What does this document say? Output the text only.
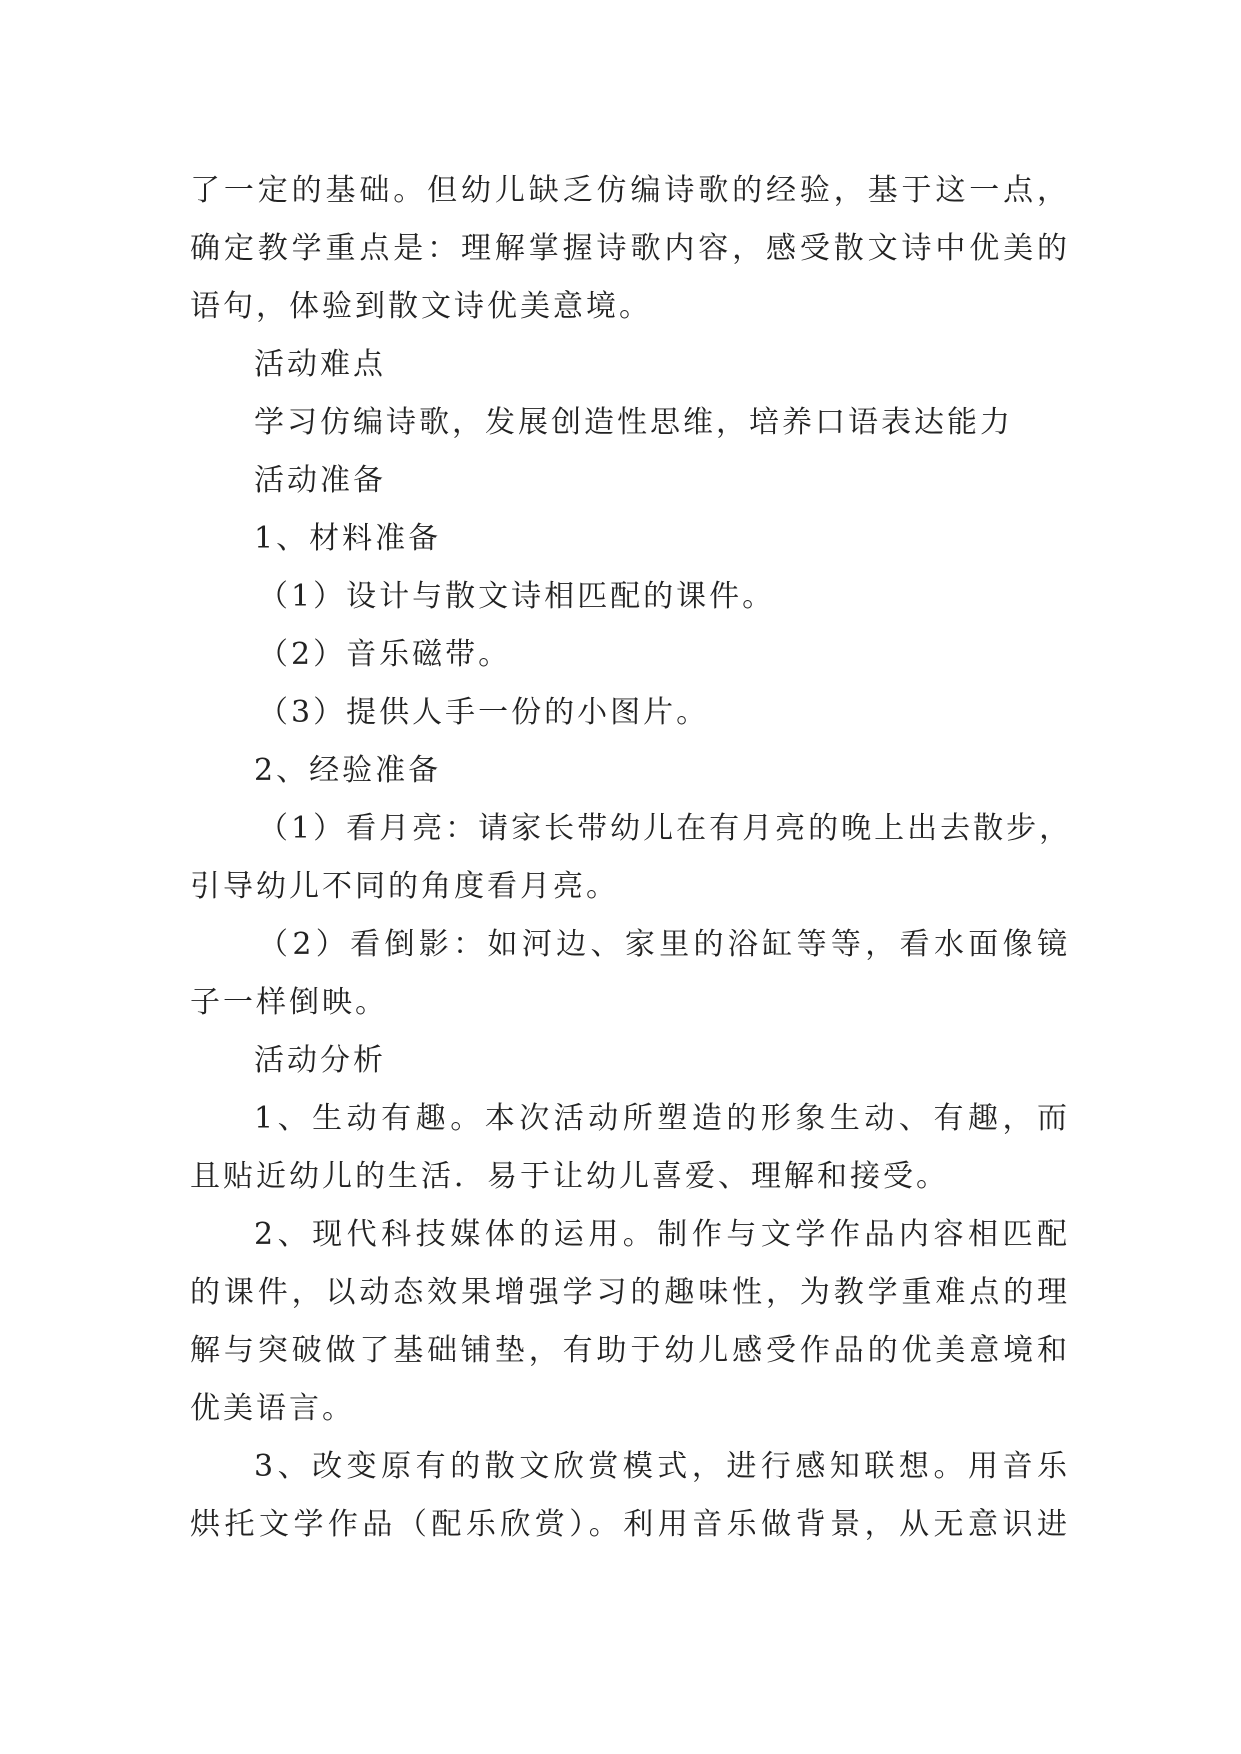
了一定的基础。但幼儿缺乏仿编诗歌的经验，基于这一点，
确定教学重点是：理解掌握诗歌内容，感受散文诗中优美的
语句，体验到散文诗优美意境。
活动难点
学习仿编诗歌，发展创造性思维，培养口语表达能力
活动准备
1、材料准备
（1）设计与散文诗相匹配的课件。
（2）音乐磁带。
（3）提供人手一份的小图片。
2、经验准备
（1）看月亮：请家长带幼儿在有月亮的晚上出去散步，
引导幼儿不同的角度看月亮。
（2）看倒影：如河边、家里的浴缸等等，看水面像镜
子一样倒映。
活动分析
1、生动有趣。本次活动所塑造的形象生动、有趣，而
且贴近幼儿的生活．易于让幼儿喜爱、理解和接受。
2、现代科技媒体的运用。制作与文学作品内容相匹配
的课件，以动态效果增强学习的趣味性，为教学重难点的理
解与突破做了基础铺垫，有助于幼儿感受作品的优美意境和
优美语言。
3、改变原有的散文欣赏模式，进行感知联想。用音乐
烘托文学作品（配乐欣赏）。利用音乐做背景，从无意识进
